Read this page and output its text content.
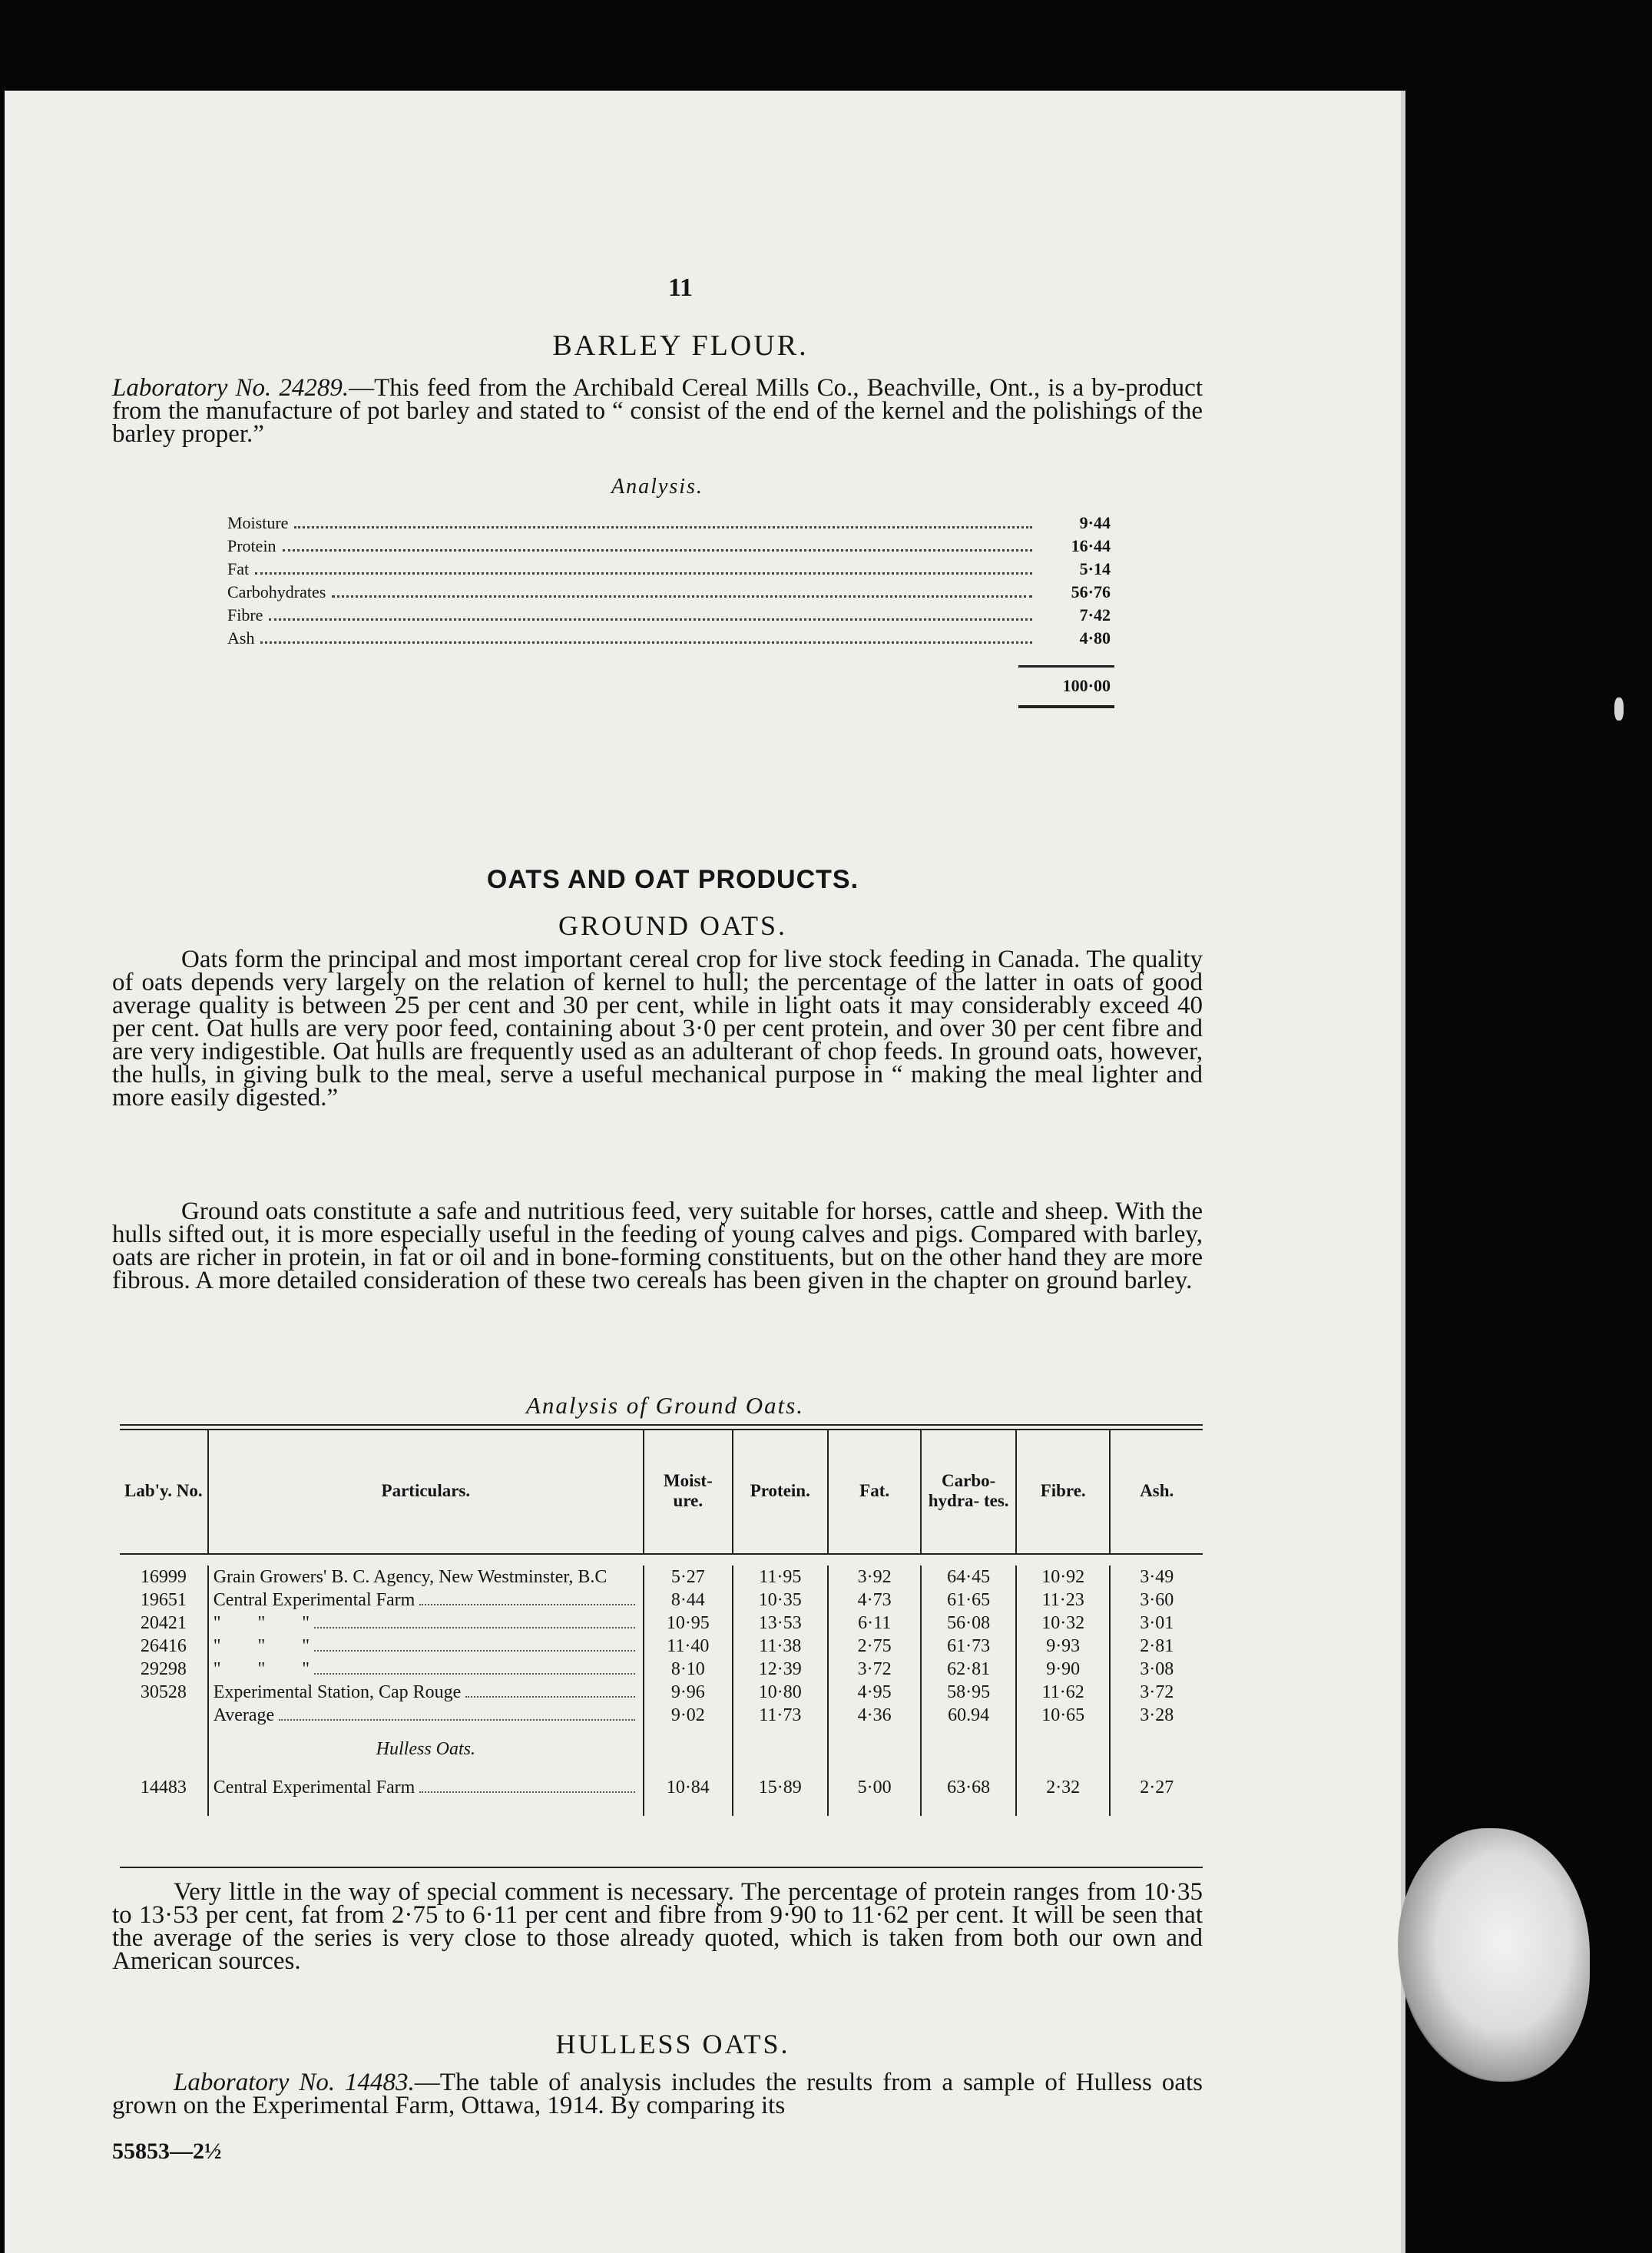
11
BARLEY FLOUR.
Laboratory No. 24289.—This feed from the Archibald Cereal Mills Co., Beachville, Ont., is a by-product from the manufacture of pot barley and stated to “ consist of the end of the kernel and the polishings of the barley proper.”
Analysis.
Moisture	9·44
Protein	16·44
Fat	5·14
Carbohydrates	56·76
Fibre	7·42
Ash	4·80
100·00
OATS AND OAT PRODUCTS.
GROUND OATS.
Oats form the principal and most important cereal crop for live stock feeding in Canada. The quality of oats depends very largely on the relation of kernel to hull; the percentage of the latter in oats of good average quality is between 25 per cent and 30 per cent, while in light oats it may considerably exceed 40 per cent. Oat hulls are very poor feed, containing about 3·0 per cent protein, and over 30 per cent fibre and are very indigestible. Oat hulls are frequently used as an adulterant of chop feeds. In ground oats, however, the hulls, in giving bulk to the meal, serve a useful mechanical purpose in “ making the meal lighter and more easily digested.”
Ground oats constitute a safe and nutritious feed, very suitable for horses, cattle and sheep. With the hulls sifted out, it is more especially useful in the feeding of young calves and pigs. Compared with barley, oats are richer in protein, in fat or oil and in bone-forming constituents, but on the other hand they are more fibrous. A more detailed consideration of these two cereals has been given in the chapter on ground barley.
Analysis of Ground Oats.
Lab'y. No.	Particulars.	Moist- ure.	Protein.	Fat.	Carbo- hydra- tes.	Fibre.	Ash.

16999	Grain Growers' B. C. Agency, New Westminster, B.C	5·27	11·95	3·92	64·45	10·92	3·49
19651	Central Experimental Farm	8·44	10·35	4·73	61·65	11·23	3·60
20421	"        "        "	10·95	13·53	6·11	56·08	10·32	3·01
26416	"        "        "	11·40	11·38	2·75	61·73	9·93	2·81
29298	"        "        "	8·10	12·39	3·72	62·81	9·90	3·08
30528	Experimental Station, Cap Rouge	9·96	10·80	4·95	58·95	11·62	3·72

	Average	9·02	11·73	4·36	60.94	10·65	3·28
	Hulless Oats.						
14483	Central Experimental Farm	10·84	15·89	5·00	63·68	2·32	2·27
Very little in the way of special comment is necessary. The percentage of protein ranges from 10·35 to 13·53 per cent, fat from 2·75 to 6·11 per cent and fibre from 9·90 to 11·62 per cent. It will be seen that the average of the series is very close to those already quoted, which is taken from both our own and American sources.
HULLESS OATS.
Laboratory No. 14483.—The table of analysis includes the results from a sample of Hulless oats grown on the Experimental Farm, Ottawa, 1914. By comparing its
55853—2½
